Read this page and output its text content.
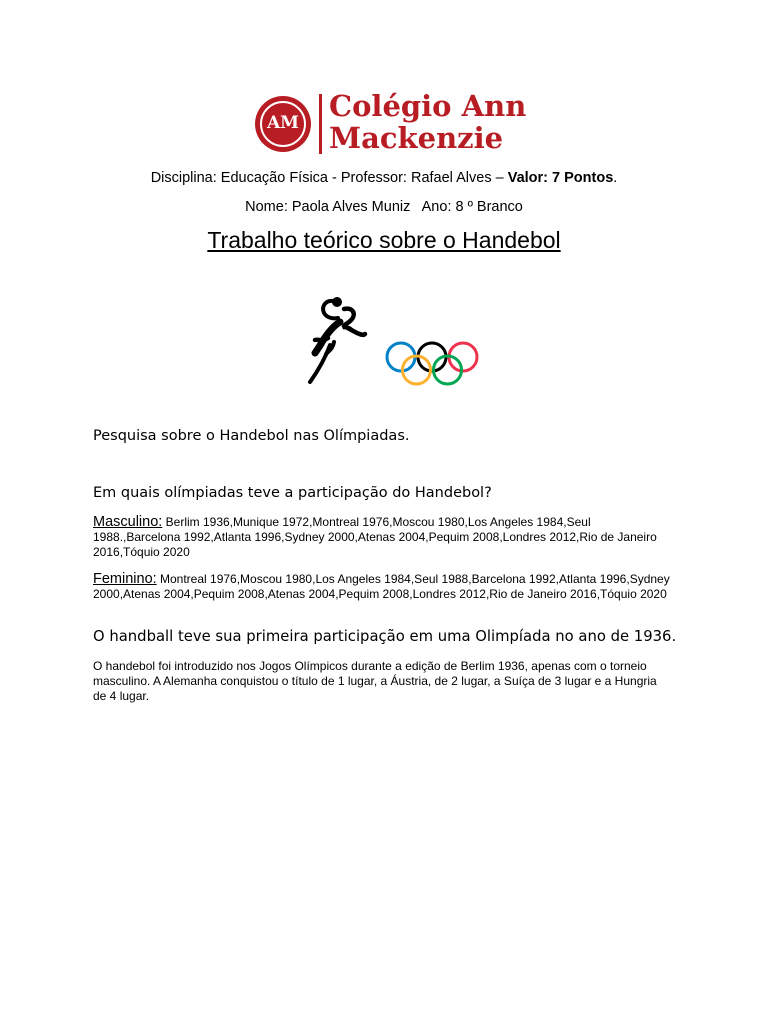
AM	Colégio Ann
Mackenzie
Disciplina: Educação Física - Professor: Rafael Alves – Valor: 7 Pontos.
Nome: Paola Alves Muniz   Ano: 8 º Branco
Trabalho teórico sobre o Handebol
Pesquisa sobre o Handebol nas Olímpiadas.
Em quais olímpiadas teve a participação do Handebol?
Masculino: Berlim 1936,Munique 1972,Montreal 1976,Moscou 1980,Los Angeles 1984,Seul 1988.,Barcelona 1992,Atlanta 1996,Sydney 2000,Atenas 2004,Pequim 2008,Londres 2012,Rio de Janeiro 2016,Tóquio 2020
Feminino: Montreal 1976,Moscou 1980,Los Angeles 1984,Seul 1988,Barcelona 1992,Atlanta 1996,Sydney 2000,Atenas 2004,Pequim 2008,Atenas 2004,Pequim 2008,Londres 2012,Rio de Janeiro 2016,Tóquio 2020
O handball teve sua primeira participação em uma Olimpíada no ano de 1936.
O handebol foi introduzido nos Jogos Olímpicos durante a edição de Berlim 1936, apenas com o torneio masculino. A Alemanha conquistou o título de 1 lugar, a Áustria, de 2 lugar, a Suíça de 3 lugar e a Hungria de 4 lugar.
